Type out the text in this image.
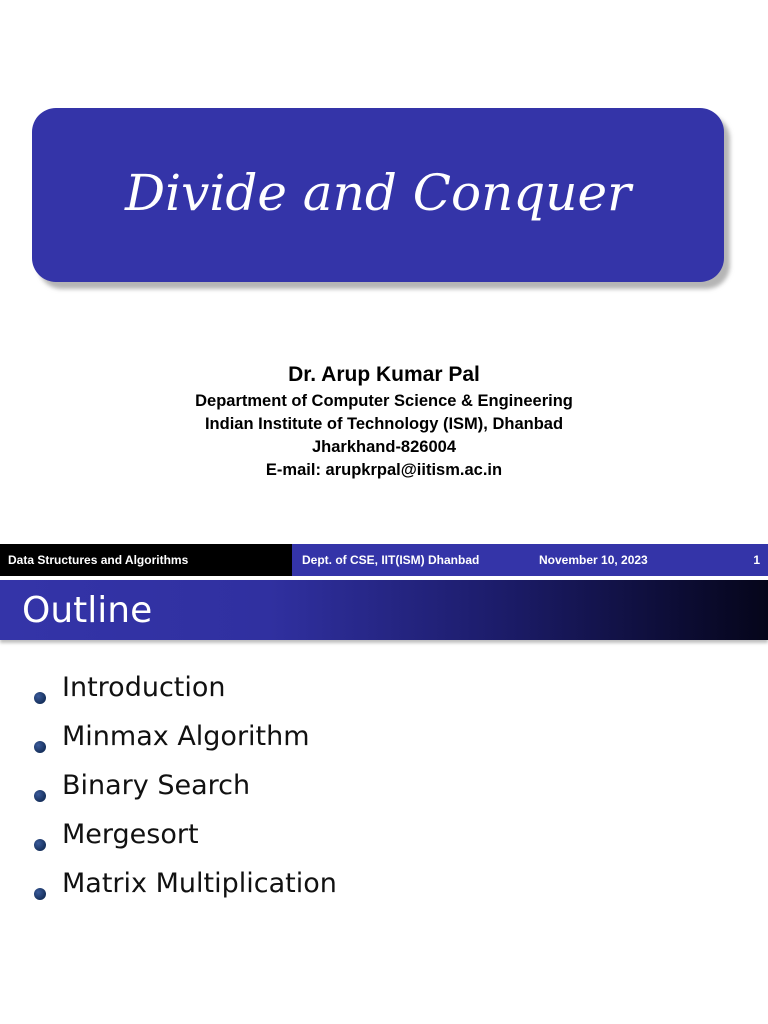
Divide and Conquer
Dr. Arup Kumar Pal
Department of Computer Science & Engineering
Indian Institute of Technology (ISM), Dhanbad
Jharkhand-826004
E-mail: arupkrpal@iitism.ac.in
Data Structures and Algorithms	Dept. of CSE, IIT(ISM) Dhanbad	November 10, 2023	1
Outline
Introduction
Minmax Algorithm
Binary Search
Mergesort
Matrix Multiplication
